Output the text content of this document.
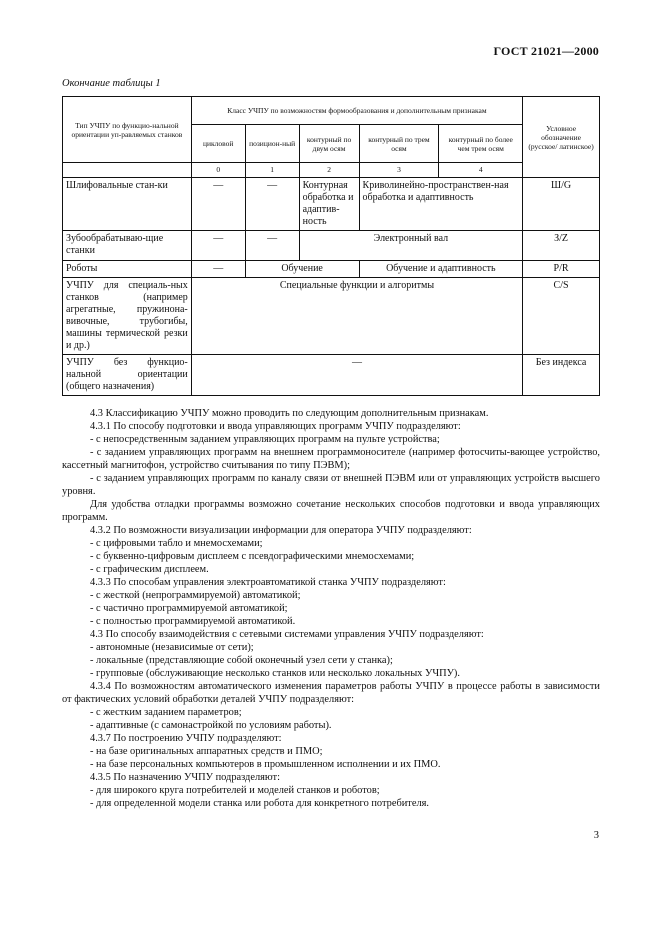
ГОСТ 21021—2000
Окончание таблицы 1
Тип УЧПУ по функцио-нальной ориентации уп-равляемых станков	Класс УЧПУ по возможностям формообразования и дополнительным признакам					Условное обозначение (русское/ латинское)
	цикловой	позицион-ный	контурный по двум осям	контурный по трем осям	контурный по более чем трем осям	
	0	1	2	3	4	
Шлифовальные стан-ки	—	—	Контурная обработка и адаптив-ность	Криволинейно-пространствен-ная обработка и адаптивность		Ш/G
Зубообрабатываю-щие станки	—	—	Электронный вал			З/Z
Роботы	—	Обучение		Обучение и адаптивность		P/R
УЧПУ для специаль-ных станков (например агрегатные, пружинона-вивочные, трубогибы, машины термической резки и др.)	Специальные функции и алгоритмы					C/S
УЧПУ без функцио-нальной ориентации (общего назначения)	—					Без индекса

4.3 Классификацию УЧПУ можно проводить по следующим дополнительным признакам.

4.3.1 По способу подготовки и ввода управляющих программ УЧПУ подразделяют:

- с непосредственным заданием управляющих программ на пульте устройства;

- с заданием управляющих программ на внешнем программоносителе (например фотосчиты-вающее устройство, кассетный магнитофон, устройство считывания по типу ПЭВМ);

- с заданием управляющих программ по каналу связи от внешней ПЭВМ или от управляющих устройств высшего уровня.

Для удобства отладки программы возможно сочетание нескольких способов подготовки и ввода управляющих программ.

4.3.2 По возможности визуализации информации для оператора УЧПУ подразделяют:

- с цифровыми табло и мнемосхемами;

- с буквенно-цифровым дисплеем с псевдографическими мнемосхемами;

- с графическим дисплеем.

4.3.3 По способам управления электроавтоматикой станка УЧПУ подразделяют:

- с жесткой (непрограммируемой) автоматикой;

- с частично программируемой автоматикой;

- с полностью программируемой автоматикой.

4.3 По способу взаимодействия с сетевыми системами управления УЧПУ подразделяют:

- автономные (независимые от сети);

- локальные (представляющие собой оконечный узел сети у станка);

- групповые (обслуживающие несколько станков или несколько локальных УЧПУ).

4.3.4 По возможностям автоматического изменения параметров работы УЧПУ в процессе работы в зависимости от фактических условий обработки деталей УЧПУ подразделяют:

- с жестким заданием параметров;

- адаптивные (с самонастройкой по условиям работы).

4.3.7 По построению УЧПУ подразделяют:

- на базе оригинальных аппаратных средств и ПМО;

- на базе персональных компьютеров в промышленном исполнении и их ПМО.

4.3.5 По назначению УЧПУ подразделяют:

- для широкого круга потребителей и моделей станков и роботов;

- для определенной модели станка или робота для конкретного потребителя.

3
